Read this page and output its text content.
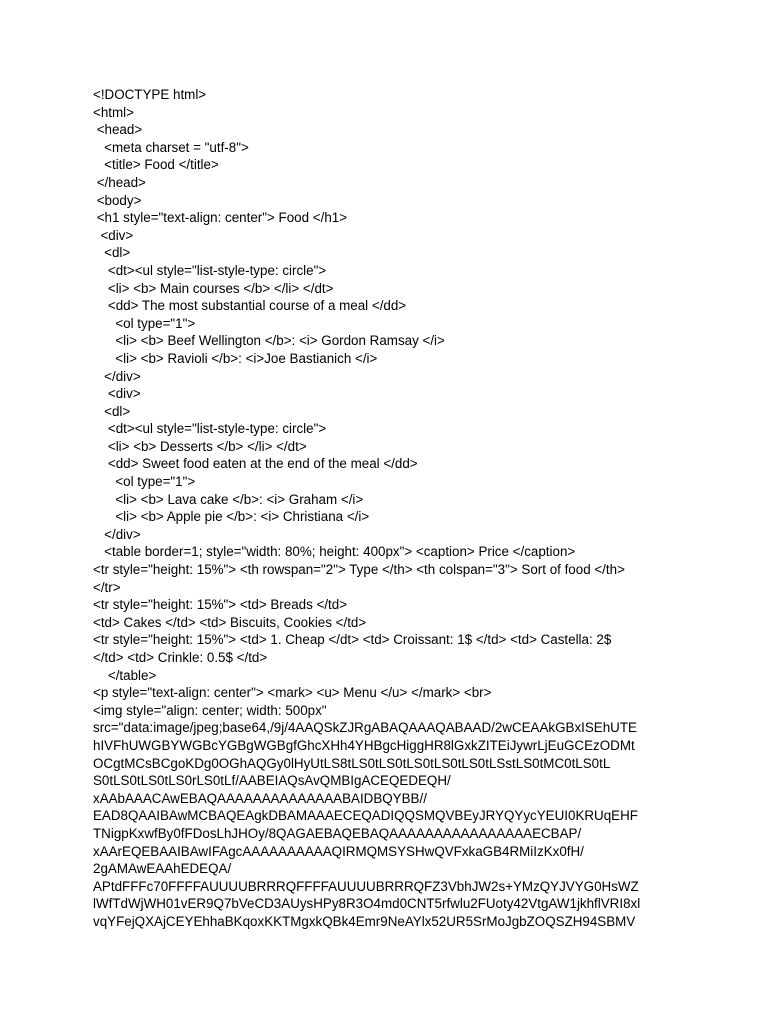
<!DOCTYPE html>
<html>
<head>
<meta charset = "utf-8">
<title> Food </title>
</head>
<body>
<h1 style="text-align: center"> Food </h1>
<div>
<dl>
<dt><ul style="list-style-type: circle">
<li> <b> Main courses </b> </li> </dt>
<dd> The most substantial course of a meal </dd>
<ol type="1">
<li> <b> Beef Wellington </b>: <i> Gordon Ramsay </i>
<li> <b> Ravioli </b>: <i>Joe Bastianich </i>
</div>
<div>
<dl>
<dt><ul style="list-style-type: circle">
<li> <b> Desserts </b> </li> </dt>
<dd> Sweet food eaten at the end of the meal </dd>
<ol type="1">
<li> <b> Lava cake </b>: <i> Graham </i>
<li> <b> Apple pie </b>: <i> Christiana </i>
</div>
<table border=1; style="width: 80%; height: 400px"> <caption> Price </caption>
<tr style="height: 15%"> <th rowspan="2"> Type </th> <th colspan="3"> Sort of food </th>
</tr>
<tr style="height: 15%"> <td> Breads </td>
<td> Cakes </td> <td> Biscuits, Cookies </td>
<tr style="height: 15%"> <td> 1. Cheap </dt> <td> Croissant: 1$ </td> <td> Castella: 2$
</td> <td> Crinkle: 0.5$ </td>
</table>
<p style="text-align: center"> <mark> <u> Menu </u> </mark> <br>
<img style="align: center; width: 500px"
src="data:image/jpeg;base64,/9j/4AAQSkZJRgABAQAAAQABAAD/2wCEAAkGBxISEhUTE
hIVFhUWGBYWGBcYGBgWGBgfGhcXHh4YHBgcHiggHR8lGxkZITEiJywrLjEuGCEzODMt
OCgtMCsBCgoKDg0OGhAQGy0lHyUtLS8tLS0tLS0tLS0tLS0tLS0tLSstLS0tMC0tLS0tL
S0tLS0tLS0tLS0rLS0tLf/AABEIAQsAvQMBIgACEQEDEQH/
xAAbAAACAwEBAQAAAAAAAAAAAAAABAIDBQYBB//
EAD8QAAIBAwMCBAQEAgkDBAMAAAECEQADIQQSMQVBEyJRYQYycYEUI0KRUqEHF
TNigpKxwfBy0fFDosLhJHOy/8QAGAEBAQEBAQAAAAAAAAAAAAAAAAECBAP/
xAArEQEBAAIBAwIFAgcAAAAAAAAAAQIRMQMSYSHwQVFxkaGB4RMiIzKx0fH/
2gAMAwEAAhEDEQA/
APtdFFFc70FFFFAUUUUBRRRQFFFFAUUUUBRRRQFZ3VbhJW2s+YMzQYJVYG0HsWZ
lWfTdWjWH01vER9Q7bVeCD3AUysHPy8R3O4md0CNT5rfwlu2FUoty42VtgAW1jkhflVRI8xl
vqYFejQXAjCEYEhhaBKqoxKKTMgxkQBk4Emr9NeAYlx52UR5SrMoJgbZOQSZH94SBMV
